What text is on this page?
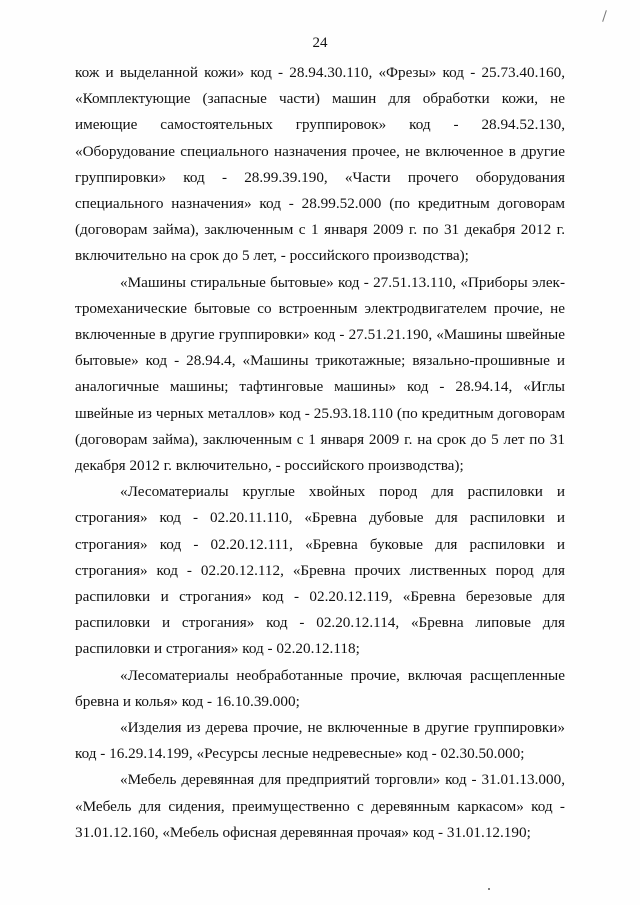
24

кож и выделанной кожи» код - 28.94.30.110, «Фрезы» код - 25.73.40.160, «Комплектующие (запасные части) машин для обработки кожи, не имеющие самостоятельных группировок» код - 28.94.52.130, «Оборудование специального назначения прочее, не включенное в другие группировки» код - 28.99.39.190, «Части прочего оборудования специального назначения» код - 28.99.52.000 (по кредитным договорам (договорам займа), заключенным с 1 января 2009 г. по 31 декабря 2012 г. включительно на срок до 5 лет, - российского производства);

«Машины стиральные бытовые» код - 27.51.13.110, «Приборы электромеханические бытовые со встроенным электродвигателем прочие, не включенные в другие группировки» код - 27.51.21.190, «Машины швейные бытовые» код - 28.94.4, «Машины трикотажные; вязально-прошивные и аналогичные машины; тафтинговые машины» код - 28.94.14, «Иглы швейные из черных металлов» код - 25.93.18.110 (по кредитным договорам (договорам займа), заключенным с 1 января 2009 г. на срок до 5 лет по 31 декабря 2012 г. включительно, - российского производства);

«Лесоматериалы круглые хвойных пород для распиловки и строгания» код - 02.20.11.110, «Бревна дубовые для распиловки и строгания» код - 02.20.12.111, «Бревна буковые для распиловки и строгания» код - 02.20.12.112, «Бревна прочих лиственных пород для распиловки и строгания» код - 02.20.12.119, «Бревна березовые для распиловки и строгания» код - 02.20.12.114, «Бревна липовые для распиловки и строгания» код - 02.20.12.118;

«Лесоматериалы необработанные прочие, включая расщепленные бревна и колья» код - 16.10.39.000;

«Изделия из дерева прочие, не включенные в другие группировки» код - 16.29.14.199, «Ресурсы лесные недревесные» код - 02.30.50.000;

«Мебель деревянная для предприятий торговли» код - 31.01.13.000, «Мебель для сидения, преимущественно с деревянным каркасом» код - 31.01.12.160, «Мебель офисная деревянная прочая» код - 31.01.12.190;
